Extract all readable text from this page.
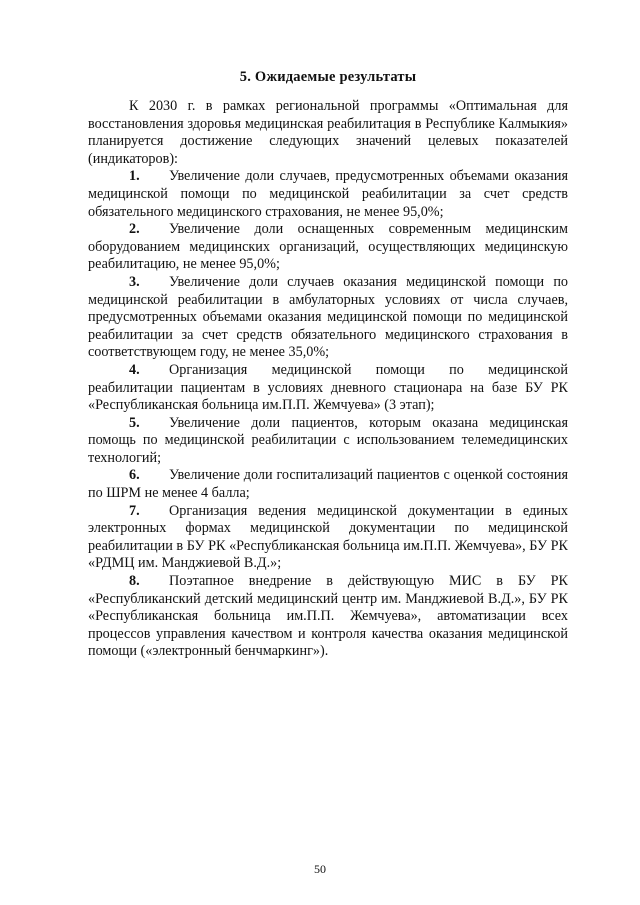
5. Ожидаемые результаты

К 2030 г. в рамках региональной программы «Оптимальная для восстановления здоровья медицинская реабилитация в Республике Калмыкия» планируется достижение следующих значений целевых показателей (индикаторов):

1. Увеличение доли случаев, предусмотренных объемами оказания медицинской помощи по медицинской реабилитации за счет средств обязательного медицинского страхования, не менее 95,0%;

2. Увеличение доли оснащенных современным медицинским оборудованием медицинских организаций, осуществляющих медицинскую реабилитацию, не менее 95,0%;

3. Увеличение доли случаев оказания медицинской помощи по медицинской реабилитации в амбулаторных условиях от числа случаев, предусмотренных объемами оказания медицинской помощи по медицинской реабилитации за счет средств обязательного медицинского страхования в соответствующем году, не менее 35,0%;

4. Организация медицинской помощи по медицинской реабилитации пациентам в условиях дневного стационара на базе БУ РК «Республиканская больница им.П.П. Жемчуева» (3 этап);

5. Увеличение доли пациентов, которым оказана медицинская помощь по медицинской реабилитации с использованием телемедицинских технологий;

6. Увеличение доли госпитализаций пациентов с оценкой состояния по ШРМ не менее 4 балла;

7. Организация ведения медицинской документации в единых электронных формах медицинской документации по медицинской реабилитации в БУ РК «Республиканская больница им.П.П. Жемчуева», БУ РК «РДМЦ им. Манджиевой В.Д.»;

8. Поэтапное внедрение в действующую МИС в БУ РК «Республиканский детский медицинский центр им. Манджиевой В.Д.», БУ РК «Республиканская больница им.П.П. Жемчуева», автоматизации всех процессов управления качеством и контроля качества оказания медицинской помощи («электронный бенчмаркинг»).

50
